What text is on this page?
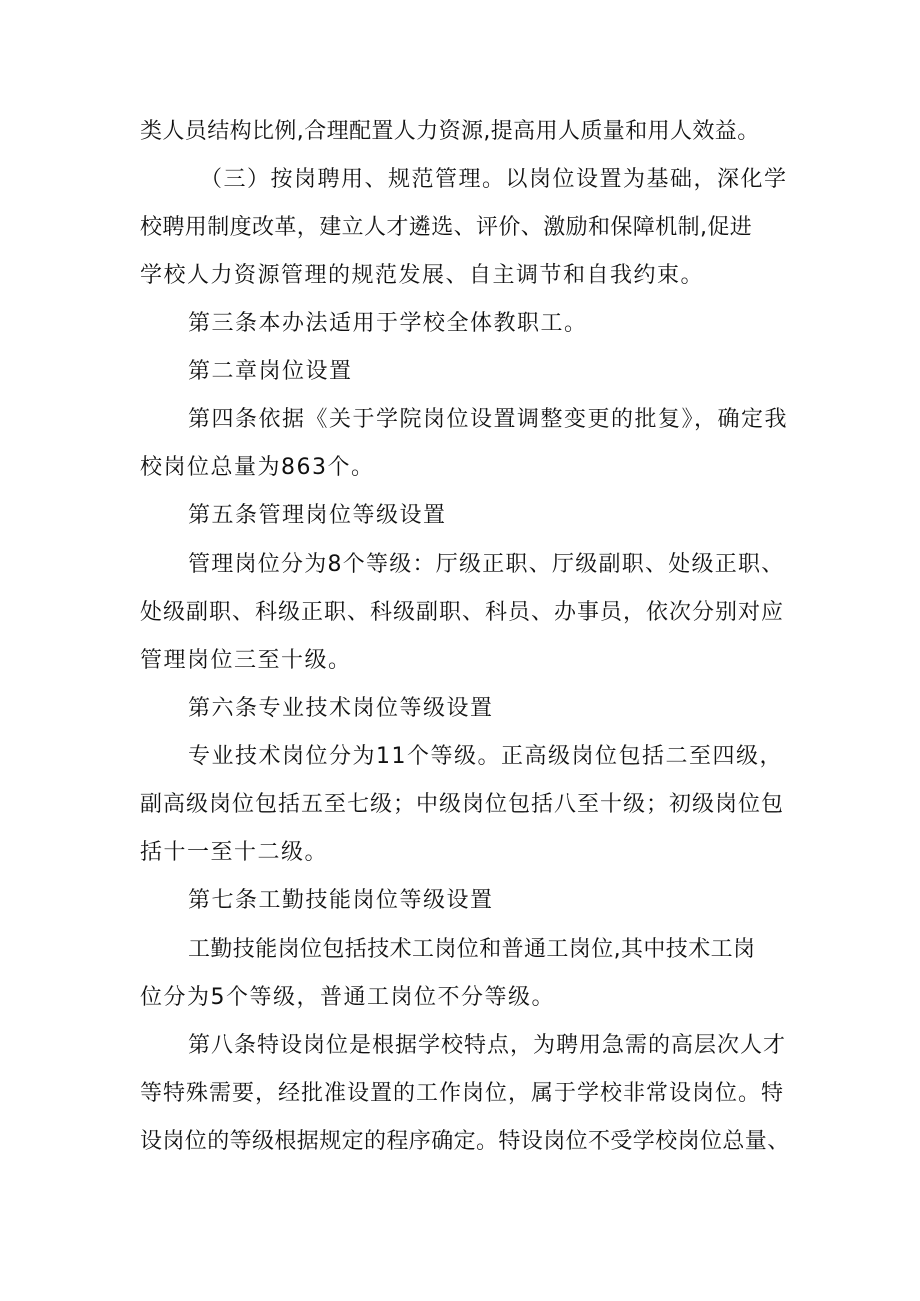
类人员结构比例,合理配置人力资源,提高用人质量和用人效益。
（三）按岗聘用、规范管理。以岗位设置为基础，深化学
校聘用制度改革，建立人才遴选、评价、激励和保障机制,促进
学校人力资源管理的规范发展、自主调节和自我约束。
第三条本办法适用于学校全体教职工。
第二章岗位设置
第四条依据《关于学院岗位设置调整变更的批复》，确定我
校岗位总量为863个。
第五条管理岗位等级设置
管理岗位分为8个等级：厅级正职、厅级副职、处级正职、
处级副职、科级正职、科级副职、科员、办事员，依次分别对应
管理岗位三至十级。
第六条专业技术岗位等级设置
专业技术岗位分为11个等级。正高级岗位包括二至四级，
副高级岗位包括五至七级；中级岗位包括八至十级；初级岗位包
括十一至十二级。
第七条工勤技能岗位等级设置
工勤技能岗位包括技术工岗位和普通工岗位,其中技术工岗
位分为5个等级，普通工岗位不分等级。
第八条特设岗位是根据学校特点，为聘用急需的高层次人才
等特殊需要，经批准设置的工作岗位，属于学校非常设岗位。特
设岗位的等级根据规定的程序确定。特设岗位不受学校岗位总量、
